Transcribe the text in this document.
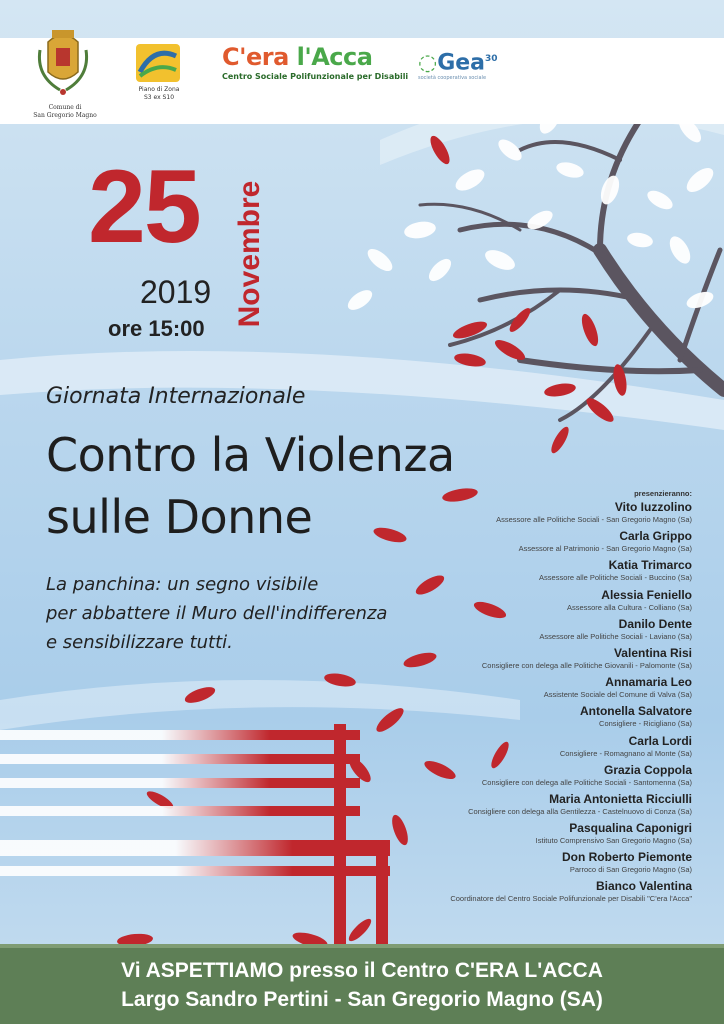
Comune di
San Gregorio Magno
Piano di Zona
S3 ex S10
C'era l'Acca
Centro Sociale Polifunzionale per Disabili
◌Gea$^{30}$
società cooperativa sociale
25	Novembre
2019
ore 15:00
Giornata Internazionale
Contro la Violenza
sulle Donne
La panchina: un segno visibile
per abbattere il Muro dell'indifferenza
e sensibilizzare tutti.
presenzieranno:
Vito Iuzzolino
Assessore alle Politiche Sociali - San Gregorio Magno (Sa)
Carla Grippo
Assessore al Patrimonio - San Gregorio Magno (Sa)
Katia Trimarco
Assessore alle Politiche Sociali - Buccino (Sa)
Alessia Feniello
Assessore alla Cultura - Colliano (Sa)
Danilo Dente
Assessore alle Politiche Sociali - Laviano (Sa)
Valentina Risi
Consigliere con delega alle Politiche Giovanili - Palomonte (Sa)
Annamaria Leo
Assistente Sociale del Comune di Valva (Sa)
Antonella Salvatore
Consigliere - Ricigliano (Sa)
Carla Lordi
Consigliere - Romagnano al Monte (Sa)
Grazia Coppola
Consigliere con delega alle Politiche Sociali - Santomenna (Sa)
Maria Antonietta Ricciulli
Consigliere con delega alla Gentilezza - Castelnuovo di Conza (Sa)
Pasqualina Caponigri
Istituto Comprensivo San Gregorio Magno (Sa)
Don Roberto Piemonte
Parroco di San Gregorio Magno (Sa)
Bianco Valentina
Coordinatore del Centro Sociale Polifunzionale per Disabili "C'era l'Acca"
Vi ASPETTIAMO presso il Centro C'ERA L'ACCA
Largo Sandro Pertini - San Gregorio Magno (SA)
